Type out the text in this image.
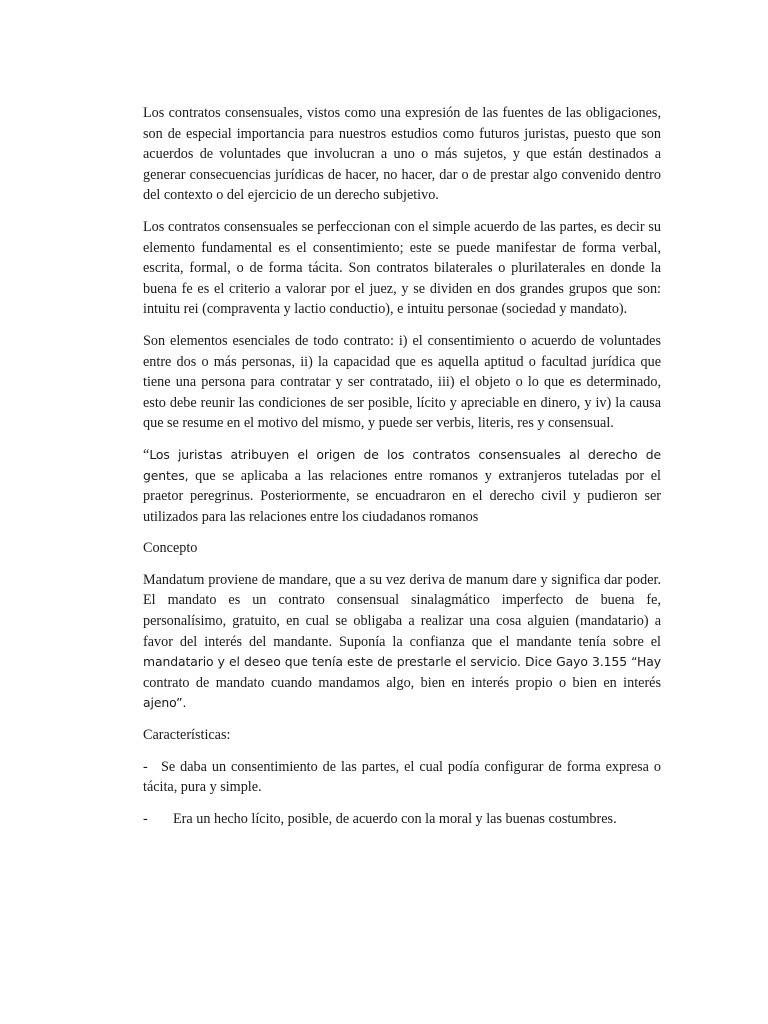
Los contratos consensuales, vistos como una expresión de las fuentes de las obligaciones, son de especial importancia para nuestros estudios como futuros juristas, puesto que son acuerdos de voluntades que involucran a uno o más sujetos, y que están destinados a generar consecuencias jurídicas de hacer, no hacer, dar o de prestar algo convenido dentro del contexto o del ejercicio de un derecho subjetivo.

Los contratos consensuales se perfeccionan con el simple acuerdo de las partes, es decir su elemento fundamental es el consentimiento; este se puede manifestar de forma verbal, escrita, formal, o de forma tácita. Son contratos bilaterales o plurilaterales en donde la buena fe es el criterio a valorar por el juez, y se dividen en dos grandes grupos que son: intuitu rei (compraventa y lactio conductio), e intuitu personae (sociedad y mandato).

Son elementos esenciales de todo contrato: i) el consentimiento o acuerdo de voluntades entre dos o más personas, ii) la capacidad que es aquella aptitud o facultad jurídica que tiene una persona para contratar y ser contratado, iii) el objeto o lo que es determinado, esto debe reunir las condiciones de ser posible, lícito y apreciable en dinero, y iv) la causa que se resume en el motivo del mismo, y puede ser verbis, literis, res y consensual.

“Los juristas atribuyen el origen de los contratos consensuales al derecho de gentes, que se aplicaba a las relaciones entre romanos y extranjeros tuteladas por el praetor peregrinus. Posteriormente, se encuadraron en el derecho civil y pudieron ser utilizados para las relaciones entre los ciudadanos romanos

Concepto

Mandatum proviene de mandare, que a su vez deriva de manum dare y significa dar poder. El mandato es un contrato consensual sinalagmático imperfecto de buena fe, personalísimo, gratuito, en cual se obligaba a realizar una cosa alguien (mandatario) a favor del interés del mandante. Suponía la confianza que el mandante tenía sobre el mandatario y el deseo que tenía este de prestarle el servicio. Dice Gayo 3.155 “Hay contrato de mandato cuando mandamos algo, bien en interés propio o bien en interés ajeno”.

Características:

- Se daba un consentimiento de las partes, el cual podía configurar de forma expresa o tácita, pura y simple.

- Era un hecho lícito, posible, de acuerdo con la moral y las buenas costumbres.
